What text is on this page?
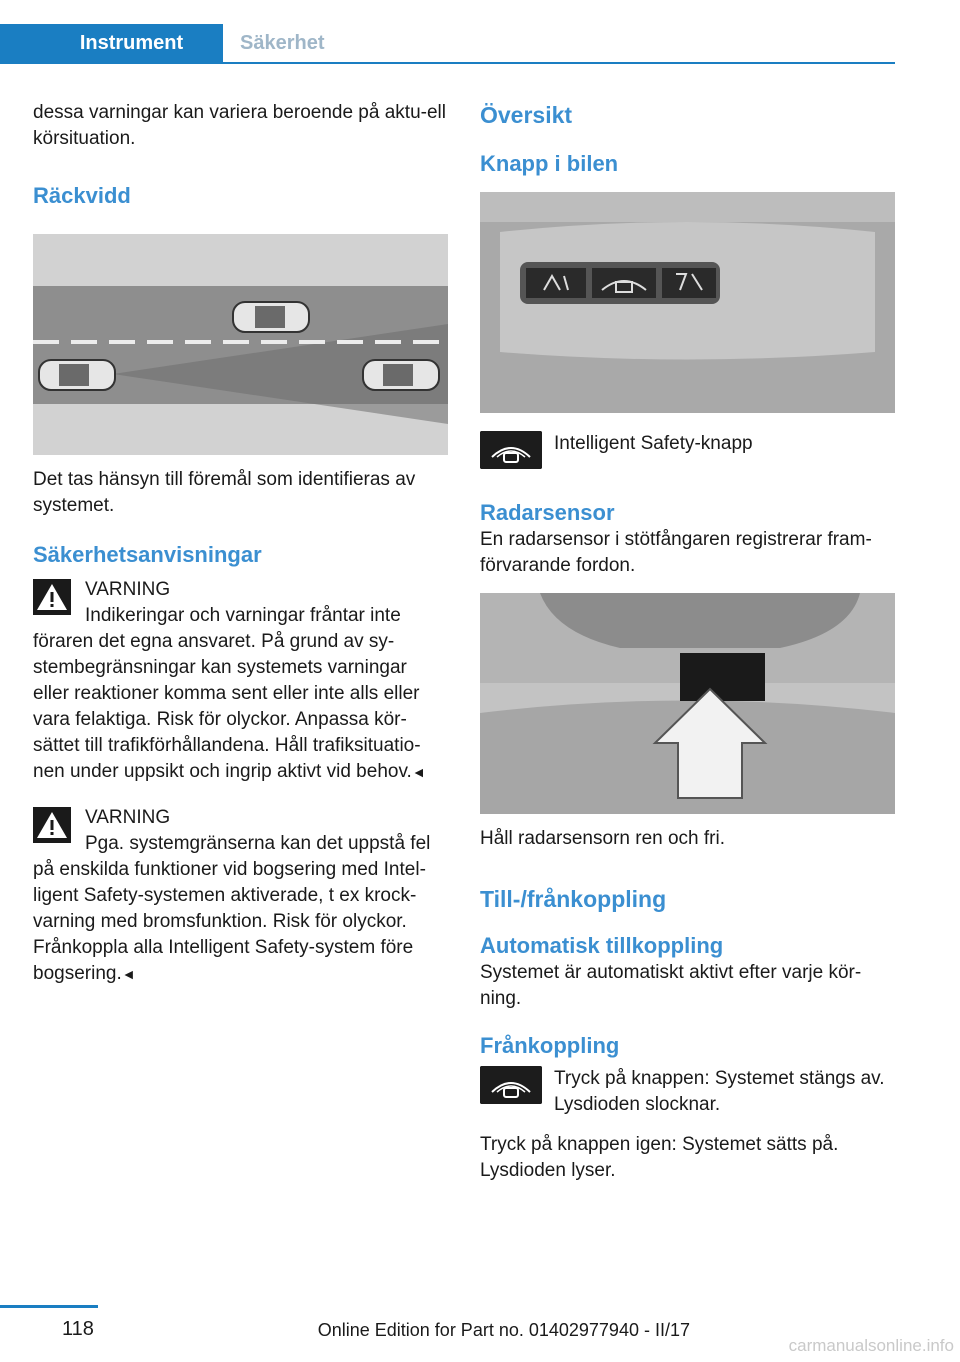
Instrument	Säkerhet

dessa varningar kan variera beroende på aktu-ell körsituation.

Räckvidd

Det tas hänsyn till föremål som identifieras av systemet.

Säkerhetsanvisningar

VARNING

Indikeringar och varningar fråntar inte

föraren det egna ansvaret. På grund av sy-stembegränsningar kan systemets varningar eller reaktioner komma sent eller inte alls eller vara felaktiga. Risk för olyckor. Anpassa kör-sättet till trafikförhållandena. Håll trafiksituatio-nen under uppsikt och ingrip aktivt vid behov.◄

VARNING

Pga. systemgränserna kan det uppstå fel

på enskilda funktioner vid bogsering med Intel-ligent Safety-systemen aktiverade, t ex krock-varning med bromsfunktion. Risk för olyckor. Frånkoppla alla Intelligent Safety-system före bogsering.◄

Översikt
Knapp i bilen

Intelligent Safety-knapp

Radarsensor

En radarsensor i stötfångaren registrerar fram-förvarande fordon.

Håll radarsensorn ren och fri.

Till-/frånkoppling
Automatisk tillkoppling

Systemet är automatiskt aktivt efter varje kör-ning.

Frånkoppling

Tryck på knappen: Systemet stängs av. Lysdioden slocknar.

Tryck på knappen igen: Systemet sätts på. Lysdioden lyser.

118	Online Edition for Part no. 01402977940 - II/17
carmanualsonline.info
